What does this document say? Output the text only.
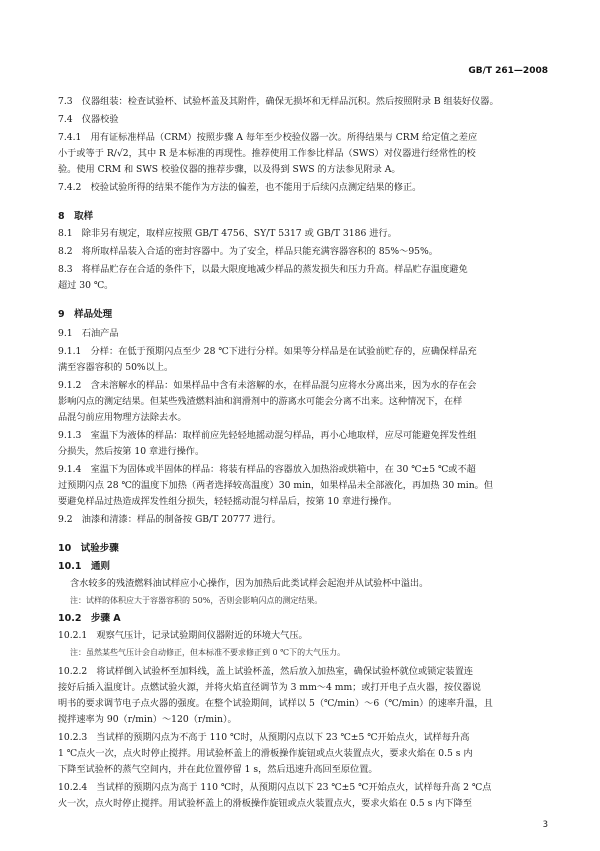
GB/T 261—2008
7.3　仪器组装：检查试验杯、试验杯盖及其附件，确保无损坏和无样品沉积。然后按照附录 B 组装好仪器。
7.4　仪器校验
7.4.1　用有证标准样品（CRM）按照步骤 A 每年至少校验仪器一次。所得结果与 CRM 给定值之差应
小于或等于 R/√2，其中 R 是本标准的再现性。推荐使用工作参比样品（SWS）对仪器进行经常性的校
验。使用 CRM 和 SWS 校验仪器的推荐步骤，以及得到 SWS 的方法参见附录 A。
7.4.2　校验试验所得的结果不能作为方法的偏差，也不能用于后续闪点测定结果的修正。
8　取样
8.1　除非另有规定，取样应按照 GB/T 4756、SY/T 5317 或 GB/T 3186 进行。
8.2　将所取样品装入合适的密封容器中。为了安全，样品只能充满容器容积的 85%～95%。
8.3　将样品贮存在合适的条件下，以最大限度地减少样品的蒸发损失和压力升高。样品贮存温度避免
超过 30 ℃。
9　样品处理
9.1　石油产品
9.1.1　分样：在低于预期闪点至少 28 ℃下进行分样。如果等分样品是在试验前贮存的，应确保样品充
满至容器容积的 50%以上。
9.1.2　含未溶解水的样品：如果样品中含有未溶解的水，在样品混匀应将水分离出来，因为水的存在会
影响闪点的测定结果。但某些残渣燃料油和润滑剂中的游离水可能会分离不出来。这种情况下，在样
品混匀前应用物理方法除去水。
9.1.3　室温下为液体的样品：取样前应先轻轻地摇动混匀样品，再小心地取样，应尽可能避免挥发性组
分损失，然后按第 10 章进行操作。
9.1.4　室温下为固体或半固体的样品：将装有样品的容器放入加热浴或烘箱中，在 30 ℃±5 ℃或不超
过预期闪点 28 ℃的温度下加热（两者选择较高温度）30 min，如果样品未全部液化，再加热 30 min。但
要避免样品过热造成挥发性组分损失，轻轻摇动混匀样品后，按第 10 章进行操作。
9.2　油漆和清漆：样品的制备按 GB/T 20777 进行。
10　试验步骤
10.1　通则
含水较多的残渣燃料油试样应小心操作，因为加热后此类试样会起泡并从试验杯中溢出。
注：试样的体积应大于容器容积的 50%，否则会影响闪点的测定结果。
10.2　步骤 A
10.2.1　观察气压计，记录试验期间仪器附近的环境大气压。
注：虽然某些气压计会自动修正，但本标准不要求修正到 0 ℃下的大气压力。
10.2.2　将试样倒入试验杯至加料线，盖上试验杯盖，然后放入加热室，确保试验杯就位或锁定装置连
接好后插入温度计。点燃试验火源，并将火焰直径调节为 3 mm～4 mm；或打开电子点火器，按仪器说
明书的要求调节电子点火器的强度。在整个试验期间，试样以 5（℃/min）～6（℃/min）的速率升温，且
搅拌速率为 90（r/min）～120（r/min）。
10.2.3　当试样的预期闪点为不高于 110 ℃时，从预期闪点以下 23 ℃±5 ℃开始点火，试样每升高
1 ℃点火一次，点火时停止搅拌。用试验杯盖上的滑板操作旋钮或点火装置点火，要求火焰在 0.5 s 内
下降至试验杯的蒸气空间内，并在此位置停留 1 s，然后迅速升高回至原位置。
10.2.4　当试样的预期闪点为高于 110 ℃时，从预期闪点以下 23 ℃±5 ℃开始点火，试样每升高 2 ℃点
火一次，点火时停止搅拌。用试验杯盖上的滑板操作旋钮或点火装置点火，要求火焰在 0.5 s 内下降至
3
